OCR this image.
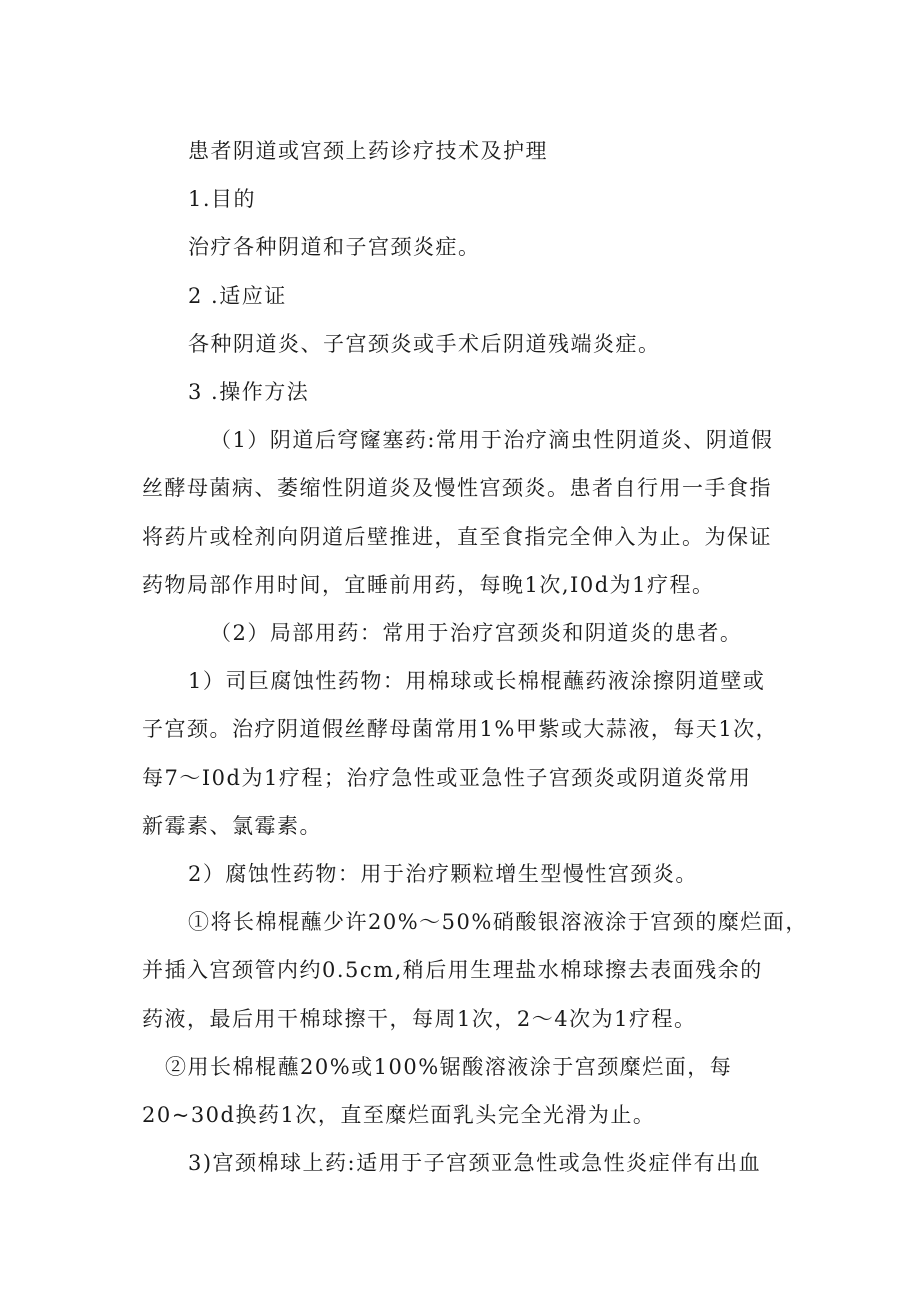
患者阴道或宫颈上药诊疗技术及护理
1.目的
治疗各种阴道和子宫颈炎症。
2 .适应证
各种阴道炎、子宫颈炎或手术后阴道残端炎症。
3 .操作方法
（1）阴道后穹窿塞药:常用于治疗滴虫性阴道炎、阴道假
丝酵母菌病、萎缩性阴道炎及慢性宫颈炎。患者自行用一手食指
将药片或栓剂向阴道后壁推进，直至食指完全伸入为止。为保证
药物局部作用时间，宜睡前用药，每晚1次,I0d为1疗程。
（2）局部用药：常用于治疗宫颈炎和阴道炎的患者。
1）司巨腐蚀性药物：用棉球或长棉棍蘸药液涂擦阴道壁或
子宫颈。治疗阴道假丝酵母菌常用1%甲紫或大蒜液，每天1次，
每7～I0d为1疗程；治疗急性或亚急性子宫颈炎或阴道炎常用
新霉素、氯霉素。
2）腐蚀性药物：用于治疗颗粒增生型慢性宫颈炎。
①将长棉棍蘸少许20%～50%硝酸银溶液涂于宫颈的糜烂面，
并插入宫颈管内约0.5cm,稍后用生理盐水棉球擦去表面残余的
药液，最后用干棉球擦干，每周1次，2～4次为1疗程。
②用长棉棍蘸20%或100%锯酸溶液涂于宫颈糜烂面，每
20~30d换药1次，直至糜烂面乳头完全光滑为止。
3)宫颈棉球上药:适用于子宫颈亚急性或急性炎症伴有出血
